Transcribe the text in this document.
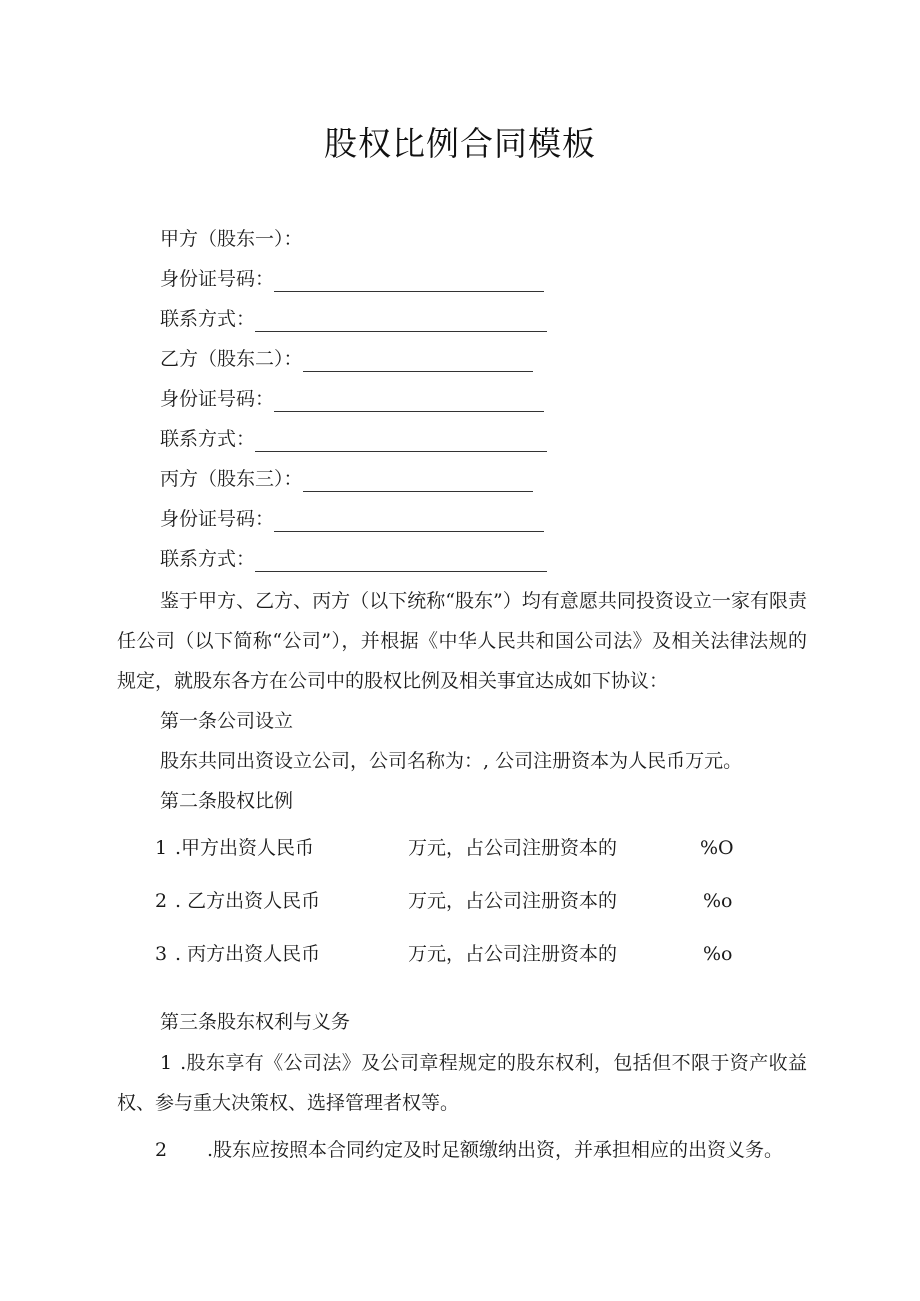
股权比例合同模板
甲方（股东一）：
身份证号码：
联系方式：
乙方（股东二）：
身份证号码：
联系方式：
丙方（股东三）：
身份证号码：
联系方式：
鉴于甲方、乙方、丙方（以下统称“股东”）均有意愿共同投资设立一家有限责任公司（以下简称“公司”），并根据《中华人民共和国公司法》及相关法律法规的规定，就股东各方在公司中的股权比例及相关事宜达成如下协议：
第一条公司设立
股东共同出资设立公司，公司名称为：, 公司注册资本为人民币万元。
第二条股权比例
1 .甲方出资人民币	万元，占公司注册资本的	%O
2 . 乙方出资人民币	万元，占公司注册资本的	%o
3 . 丙方出资人民币	万元，占公司注册资本的	%o
第三条股东权利与义务
1 .股东享有《公司法》及公司章程规定的股东权利，包括但不限于资产收益权、参与重大决策权、选择管理者权等。
2 .股东应按照本合同约定及时足额缴纳出资，并承担相应的出资义务。
